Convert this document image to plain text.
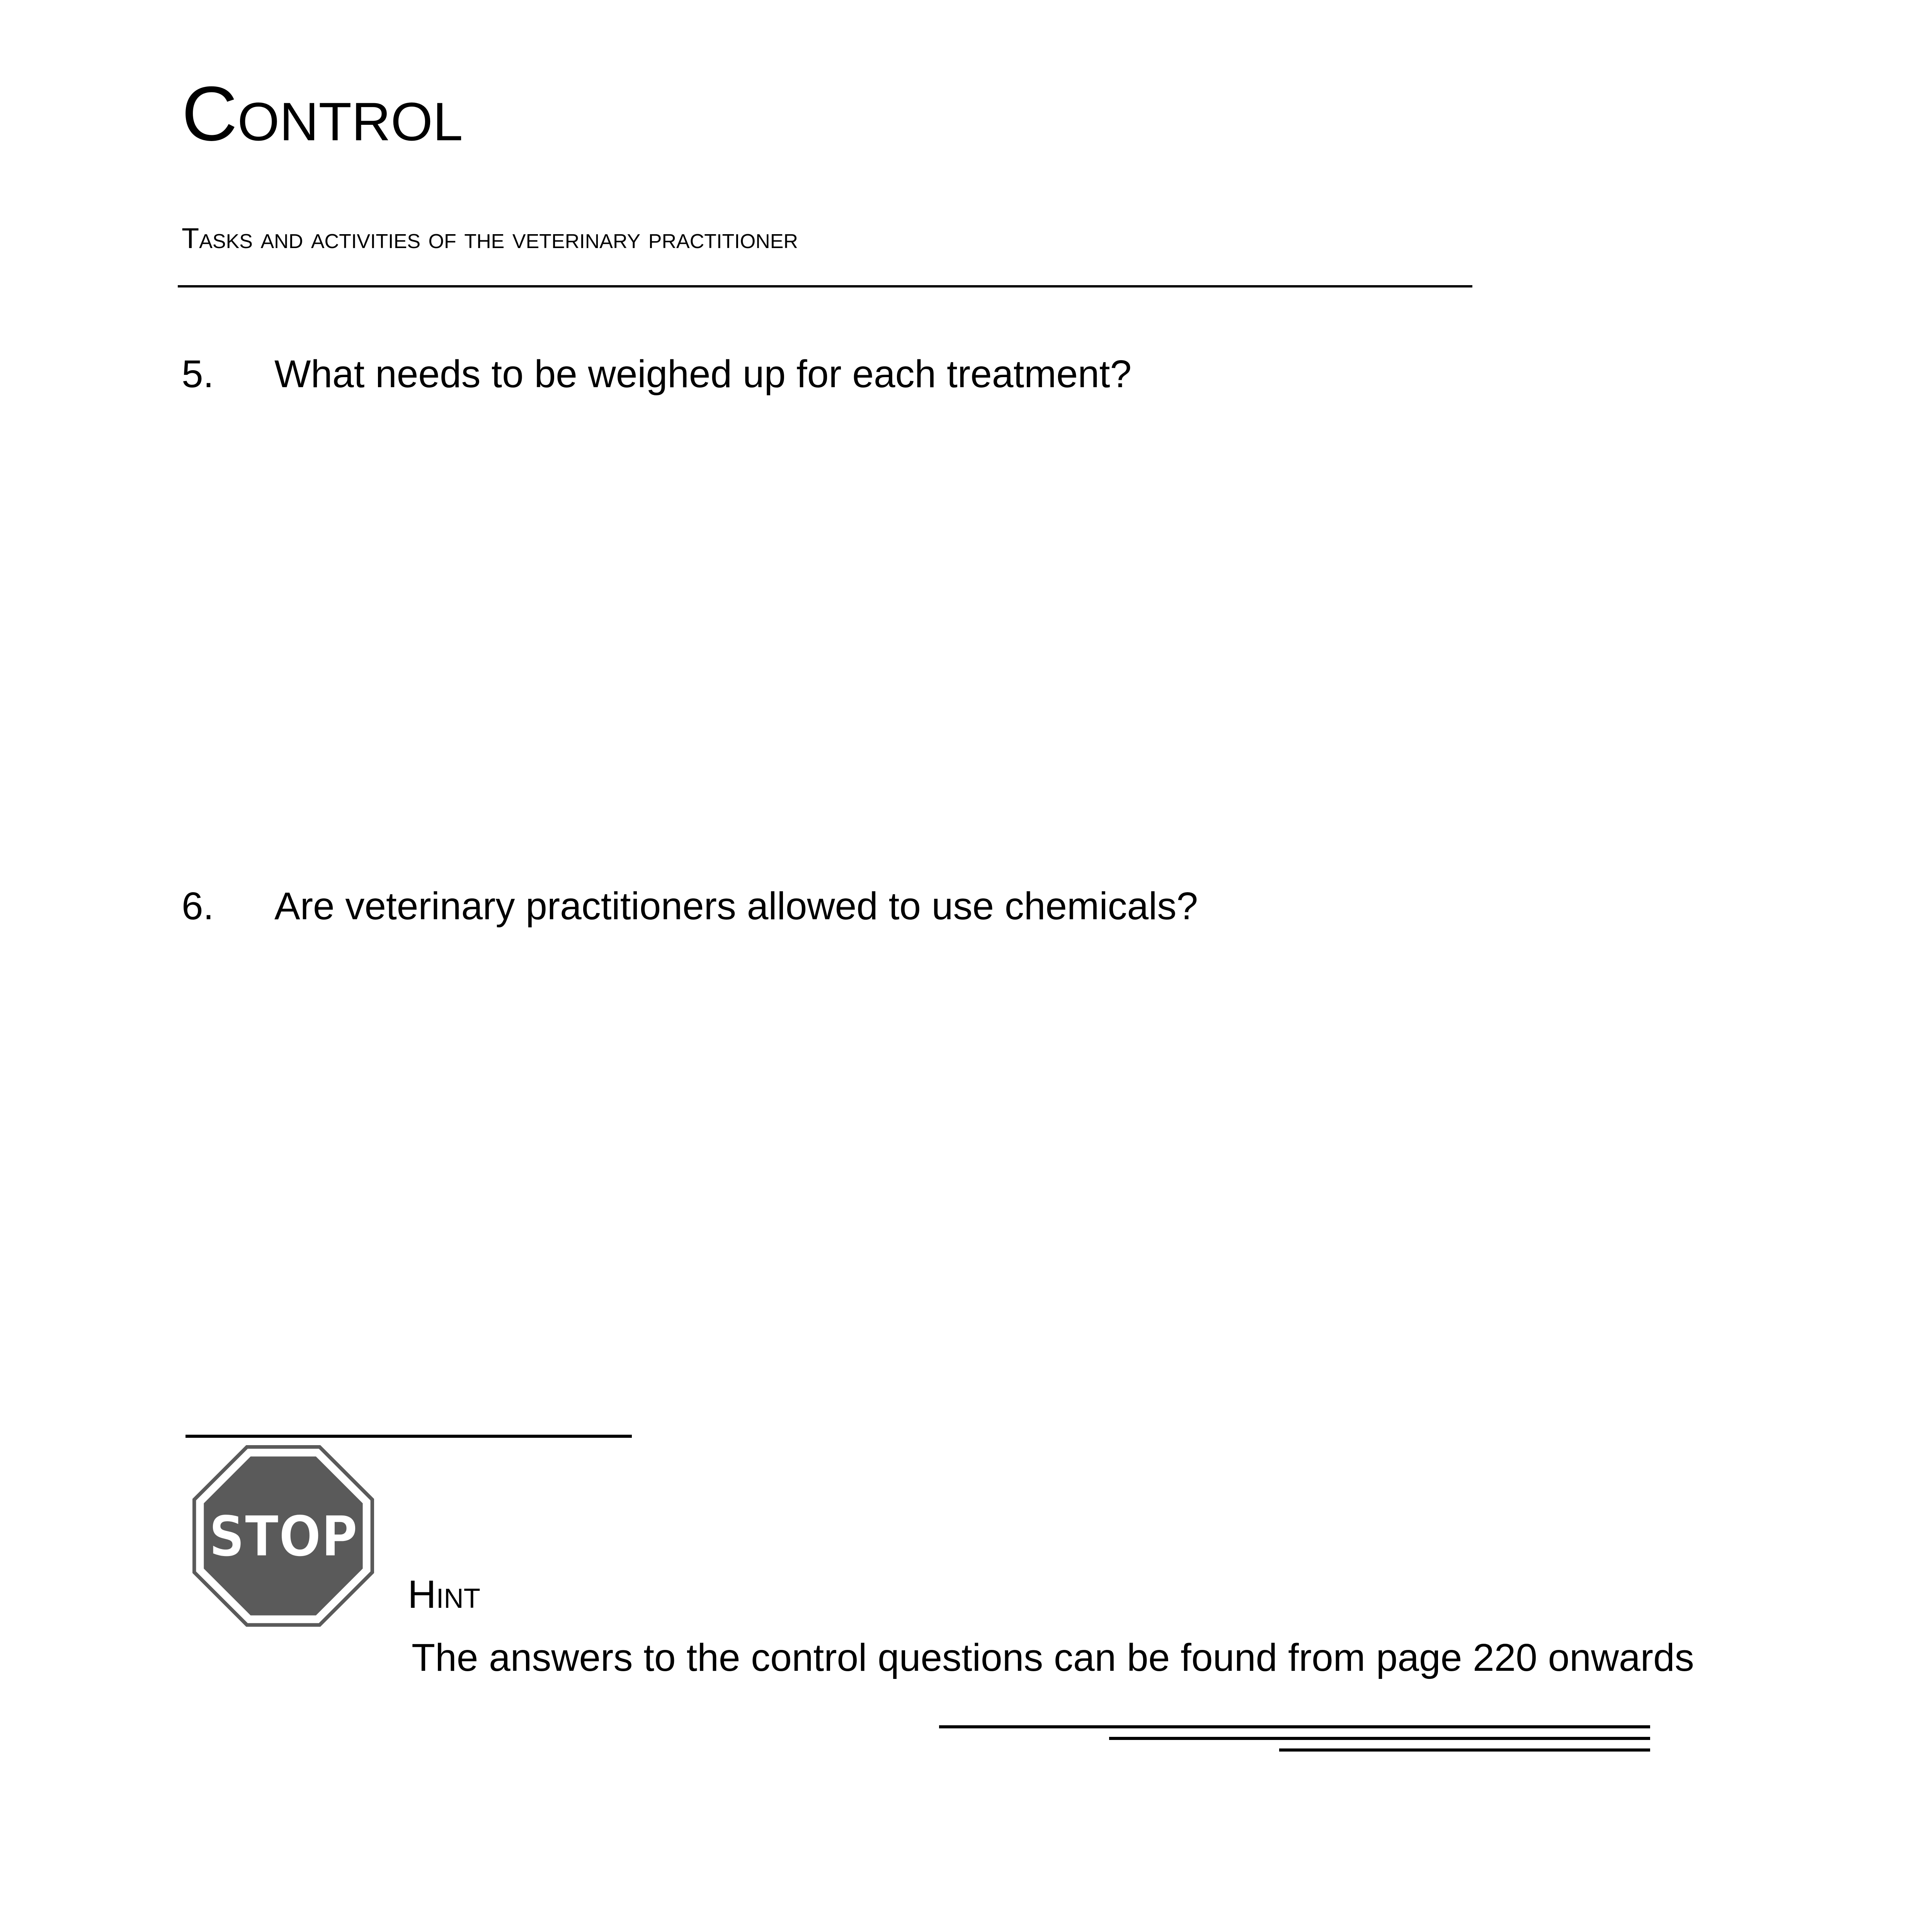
Control
Tasks and activities of the veterinary practitioner
5. What needs to be weighed up for each treatment?
6. Are veterinary practitioners allowed to use chemicals?
STOP
Hint
The answers to the control questions can be found from page 220 onwards
